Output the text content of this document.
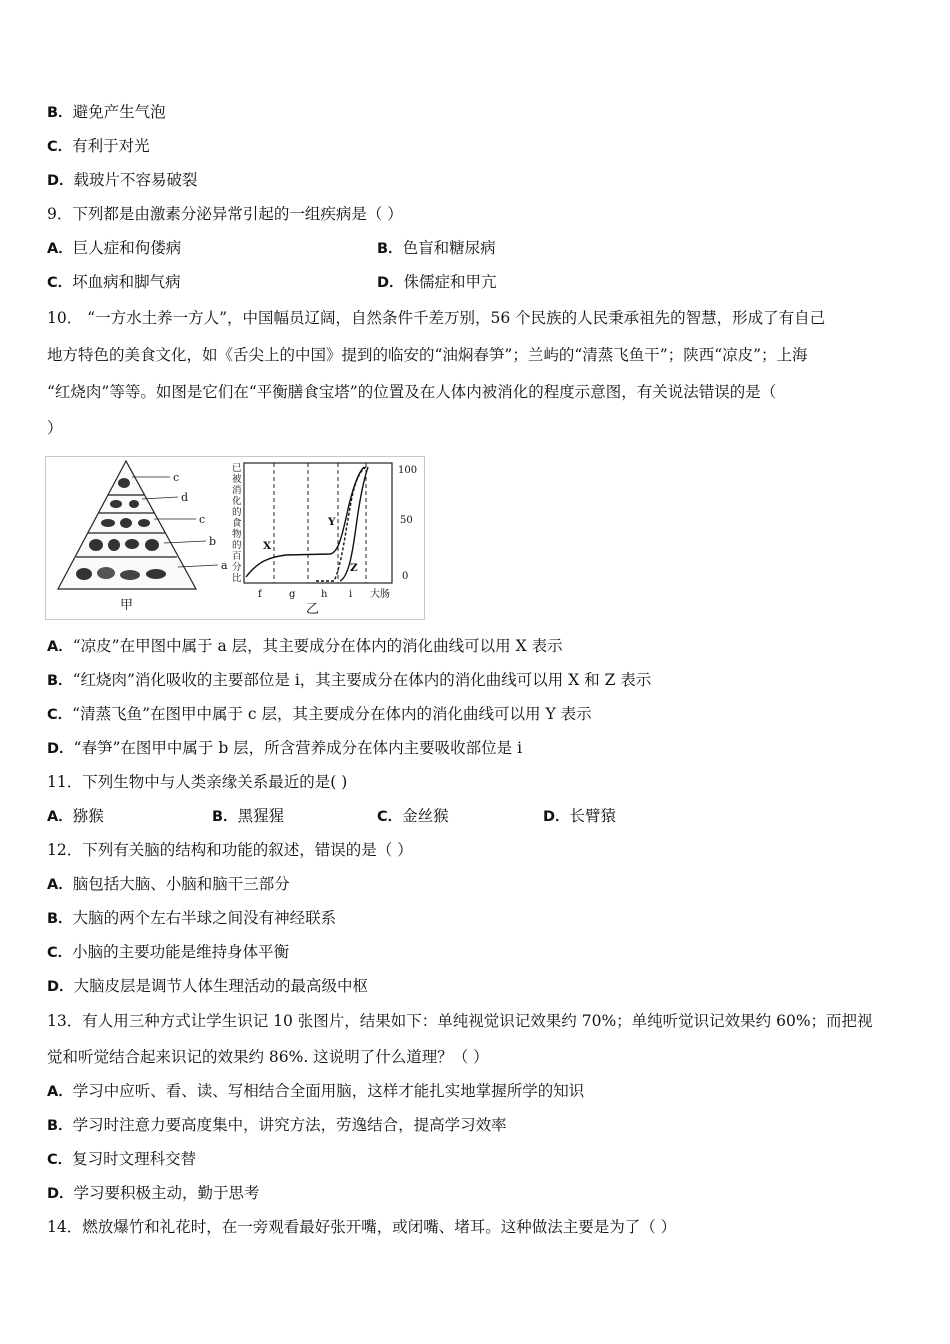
B．避免产生气泡
C．有利于对光
D．载玻片不容易破裂
9．下列都是由激素分泌异常引起的一组疾病是（ ）
A．巨人症和佝偻病	B．色盲和糖尿病
C．坏血病和脚气病	D．侏儒症和甲亢
10． “一方水土养一方人”，中国幅员辽阔，自然条件千差万别，56 个民族的人民秉承祖先的智慧，形成了有自己
地方特色的美食文化，如《舌尖上的中国》提到的临安的“油焖春笋”；兰屿的“清蒸飞鱼干”；陕西“凉皮”；上海
“红烧肉”等等。如图是它们在“平衡膳食宝塔”的位置及在人体内被消化的程度示意图，有关说法错误的是（
）
c
d
c
b
a
甲
已被消化的食物的百分比
X
Y
Z
100
50
0
f	g	h i 大肠
乙
A．“凉皮”在甲图中属于 a 层，其主要成分在体内的消化曲线可以用 X 表示
B．“红烧肉”消化吸收的主要部位是 i，其主要成分在体内的消化曲线可以用 X 和 Z 表示
C．“清蒸飞鱼”在图甲中属于 c 层，其主要成分在体内的消化曲线可以用 Y 表示
D．“春笋”在图甲中属于 b 层，所含营养成分在体内主要吸收部位是 i
11．下列生物中与人类亲缘关系最近的是( )
A．猕猴	B．黑猩猩	C．金丝猴	D．长臂猿
12．下列有关脑的结构和功能的叙述，错误的是（ ）
A．脑包括大脑、小脑和脑干三部分
B．大脑的两个左右半球之间没有神经联系
C．小脑的主要功能是维持身体平衡
D．大脑皮层是调节人体生理活动的最高级中枢
13．有人用三种方式让学生识记 10 张图片，结果如下：单纯视觉识记效果约 70%；单纯听觉识记效果约 60%；而把视
觉和听觉结合起来识记的效果约 86%. 这说明了什么道理？（ ）
A．学习中应听、看、读、写相结合全面用脑，这样才能扎实地掌握所学的知识
B．学习时注意力要高度集中，讲究方法，劳逸结合，提高学习效率
C．复习时文理科交替
D．学习要积极主动，勤于思考
14．燃放爆竹和礼花时，在一旁观看最好张开嘴，或闭嘴、堵耳。这种做法主要是为了（ ）
